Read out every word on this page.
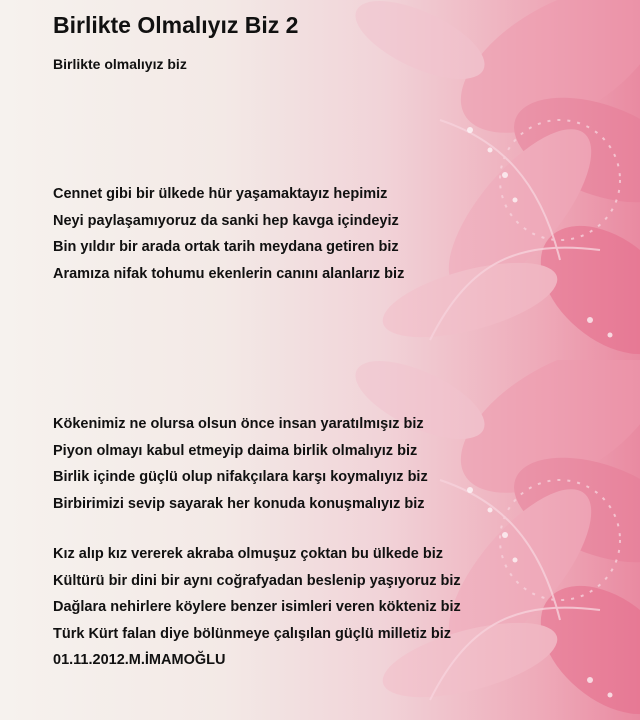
Birlikte Olmalıyız Biz 2
Birlikte olmalıyız biz
Cennet gibi bir ülkede hür yaşamaktayız hepimiz
Neyi paylaşamıyoruz da sanki hep kavga içindeyiz
Bin yıldır bir arada ortak tarih meydana getiren biz
Aramıza nifak tohumu ekenlerin canını alanlarız biz
Kökenimiz ne olursa olsun önce insan yaratılmışız biz
Piyon olmayı kabul etmeyip daima birlik olmalıyız biz
Birlik içinde güçlü olup nifakçılara karşı koymalıyız biz
Birbirimizi sevip sayarak her konuda konuşmalıyız biz
Kız alıp kız vererek akraba olmuşuz çoktan bu ülkede biz
Kültürü bir dini bir aynı coğrafyadan beslenip yaşıyoruz biz
Dağlara nehirlere köylere benzer isimleri veren kökteniz biz
Türk Kürt falan diye bölünmeye çalışılan güçlü milletiz biz
01.11.2012.M.İMAMOĞLU
